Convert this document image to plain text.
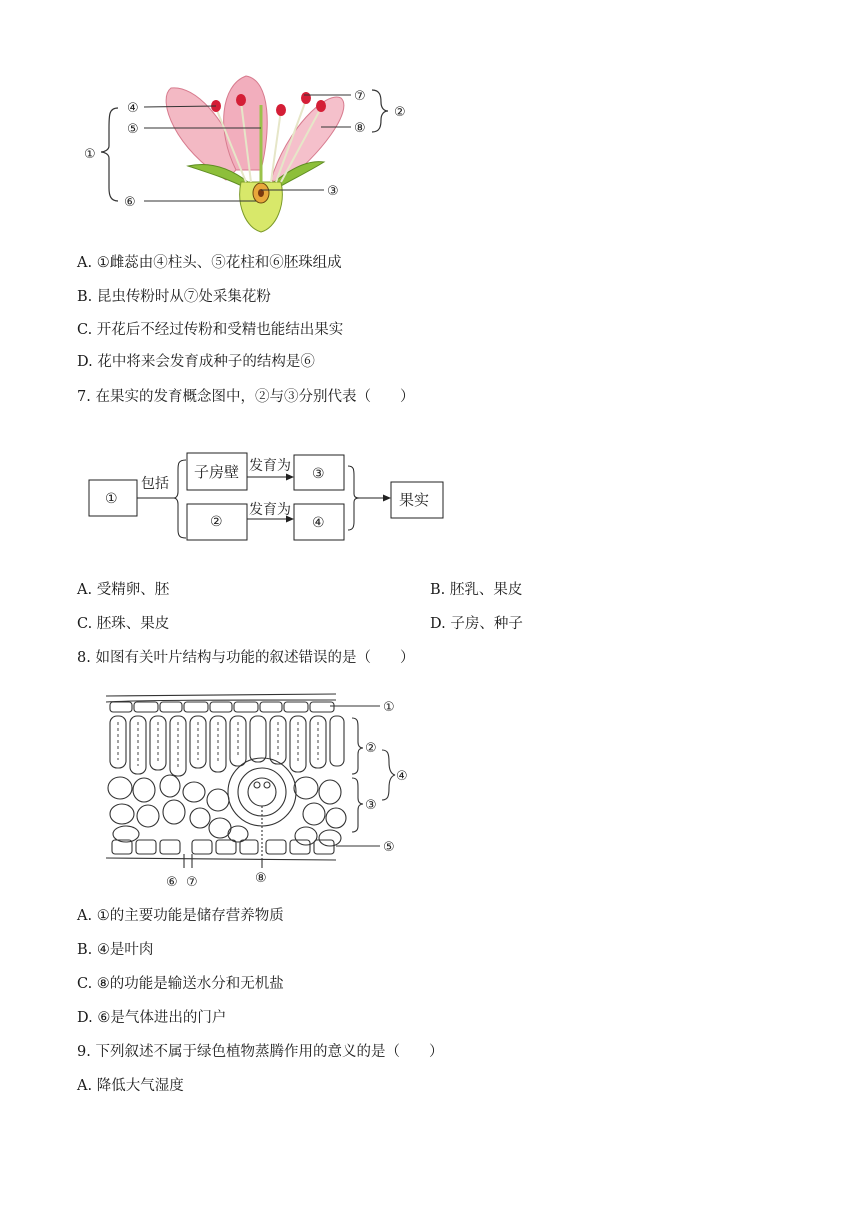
①
②
③
④
⑤
⑥
⑦
⑧
A. ①雌蕊由④柱头、⑤花柱和⑥胚珠组成
B. 昆虫传粉时从⑦处采集花粉
C. 开花后不经过传粉和受精也能结出果实
D. 花中将来会发育成种子的结构是⑥
7. 在果实的发育概念图中，②与③分别代表（　　）
①
包括
子房壁
②
发育为
发育为
③
④
果实
A. 受精卵、胚	B. 胚乳、果皮
C. 胚珠、果皮	D. 子房、种子
8. 如图有关叶片结构与功能的叙述错误的是（　　）
①
②
③
④
⑤
⑥ ⑦	⑧
A. ①的主要功能是储存营养物质
B. ④是叶肉
C. ⑧的功能是输送水分和无机盐
D. ⑥是气体进出的门户
9. 下列叙述不属于绿色植物蒸腾作用的意义的是（　　）
A. 降低大气湿度
